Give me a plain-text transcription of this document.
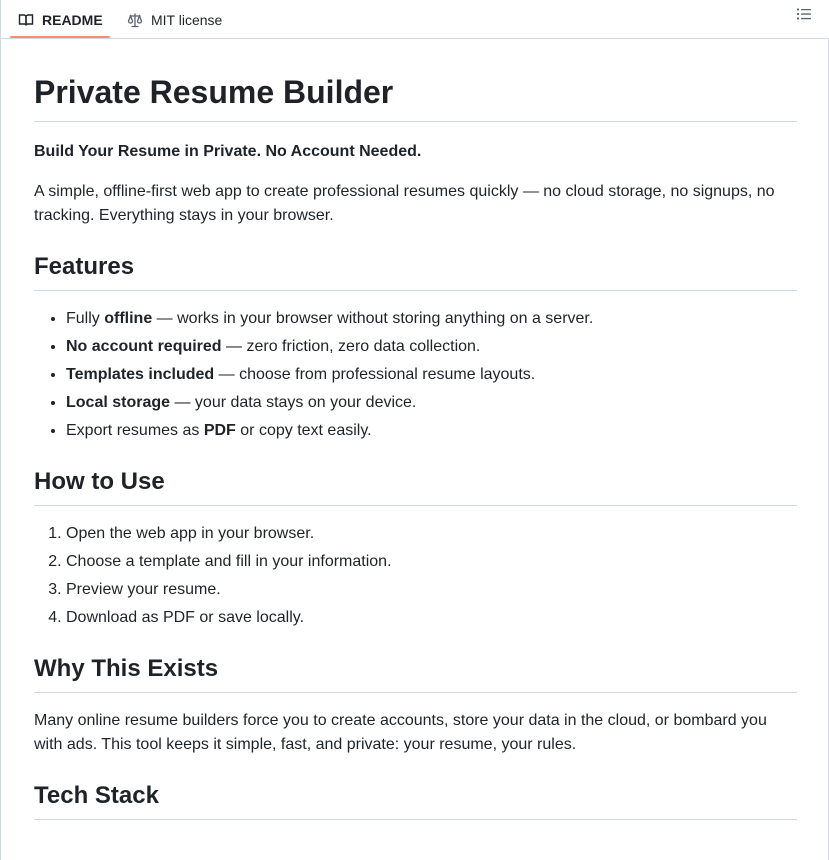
README	MIT license
Private Resume Builder

Build Your Resume in Private. No Account Needed.

A simple, offline-first web app to create professional resumes quickly — no cloud storage, no signups, no tracking. Everything stays in your browser.

Features
• Fully offline — works in your browser without storing anything on a server.
• No account required — zero friction, zero data collection.
• Templates included — choose from professional resume layouts.
• Local storage — your data stays on your device.
• Export resumes as PDF or copy text easily.
How to Use
1. Open the web app in your browser.
2. Choose a template and fill in your information.
3. Preview your resume.
4. Download as PDF or save locally.
Why This Exists

Many online resume builders force you to create accounts, store your data in the cloud, or bombard you with ads. This tool keeps it simple, fast, and private: your resume, your rules.

Tech Stack
